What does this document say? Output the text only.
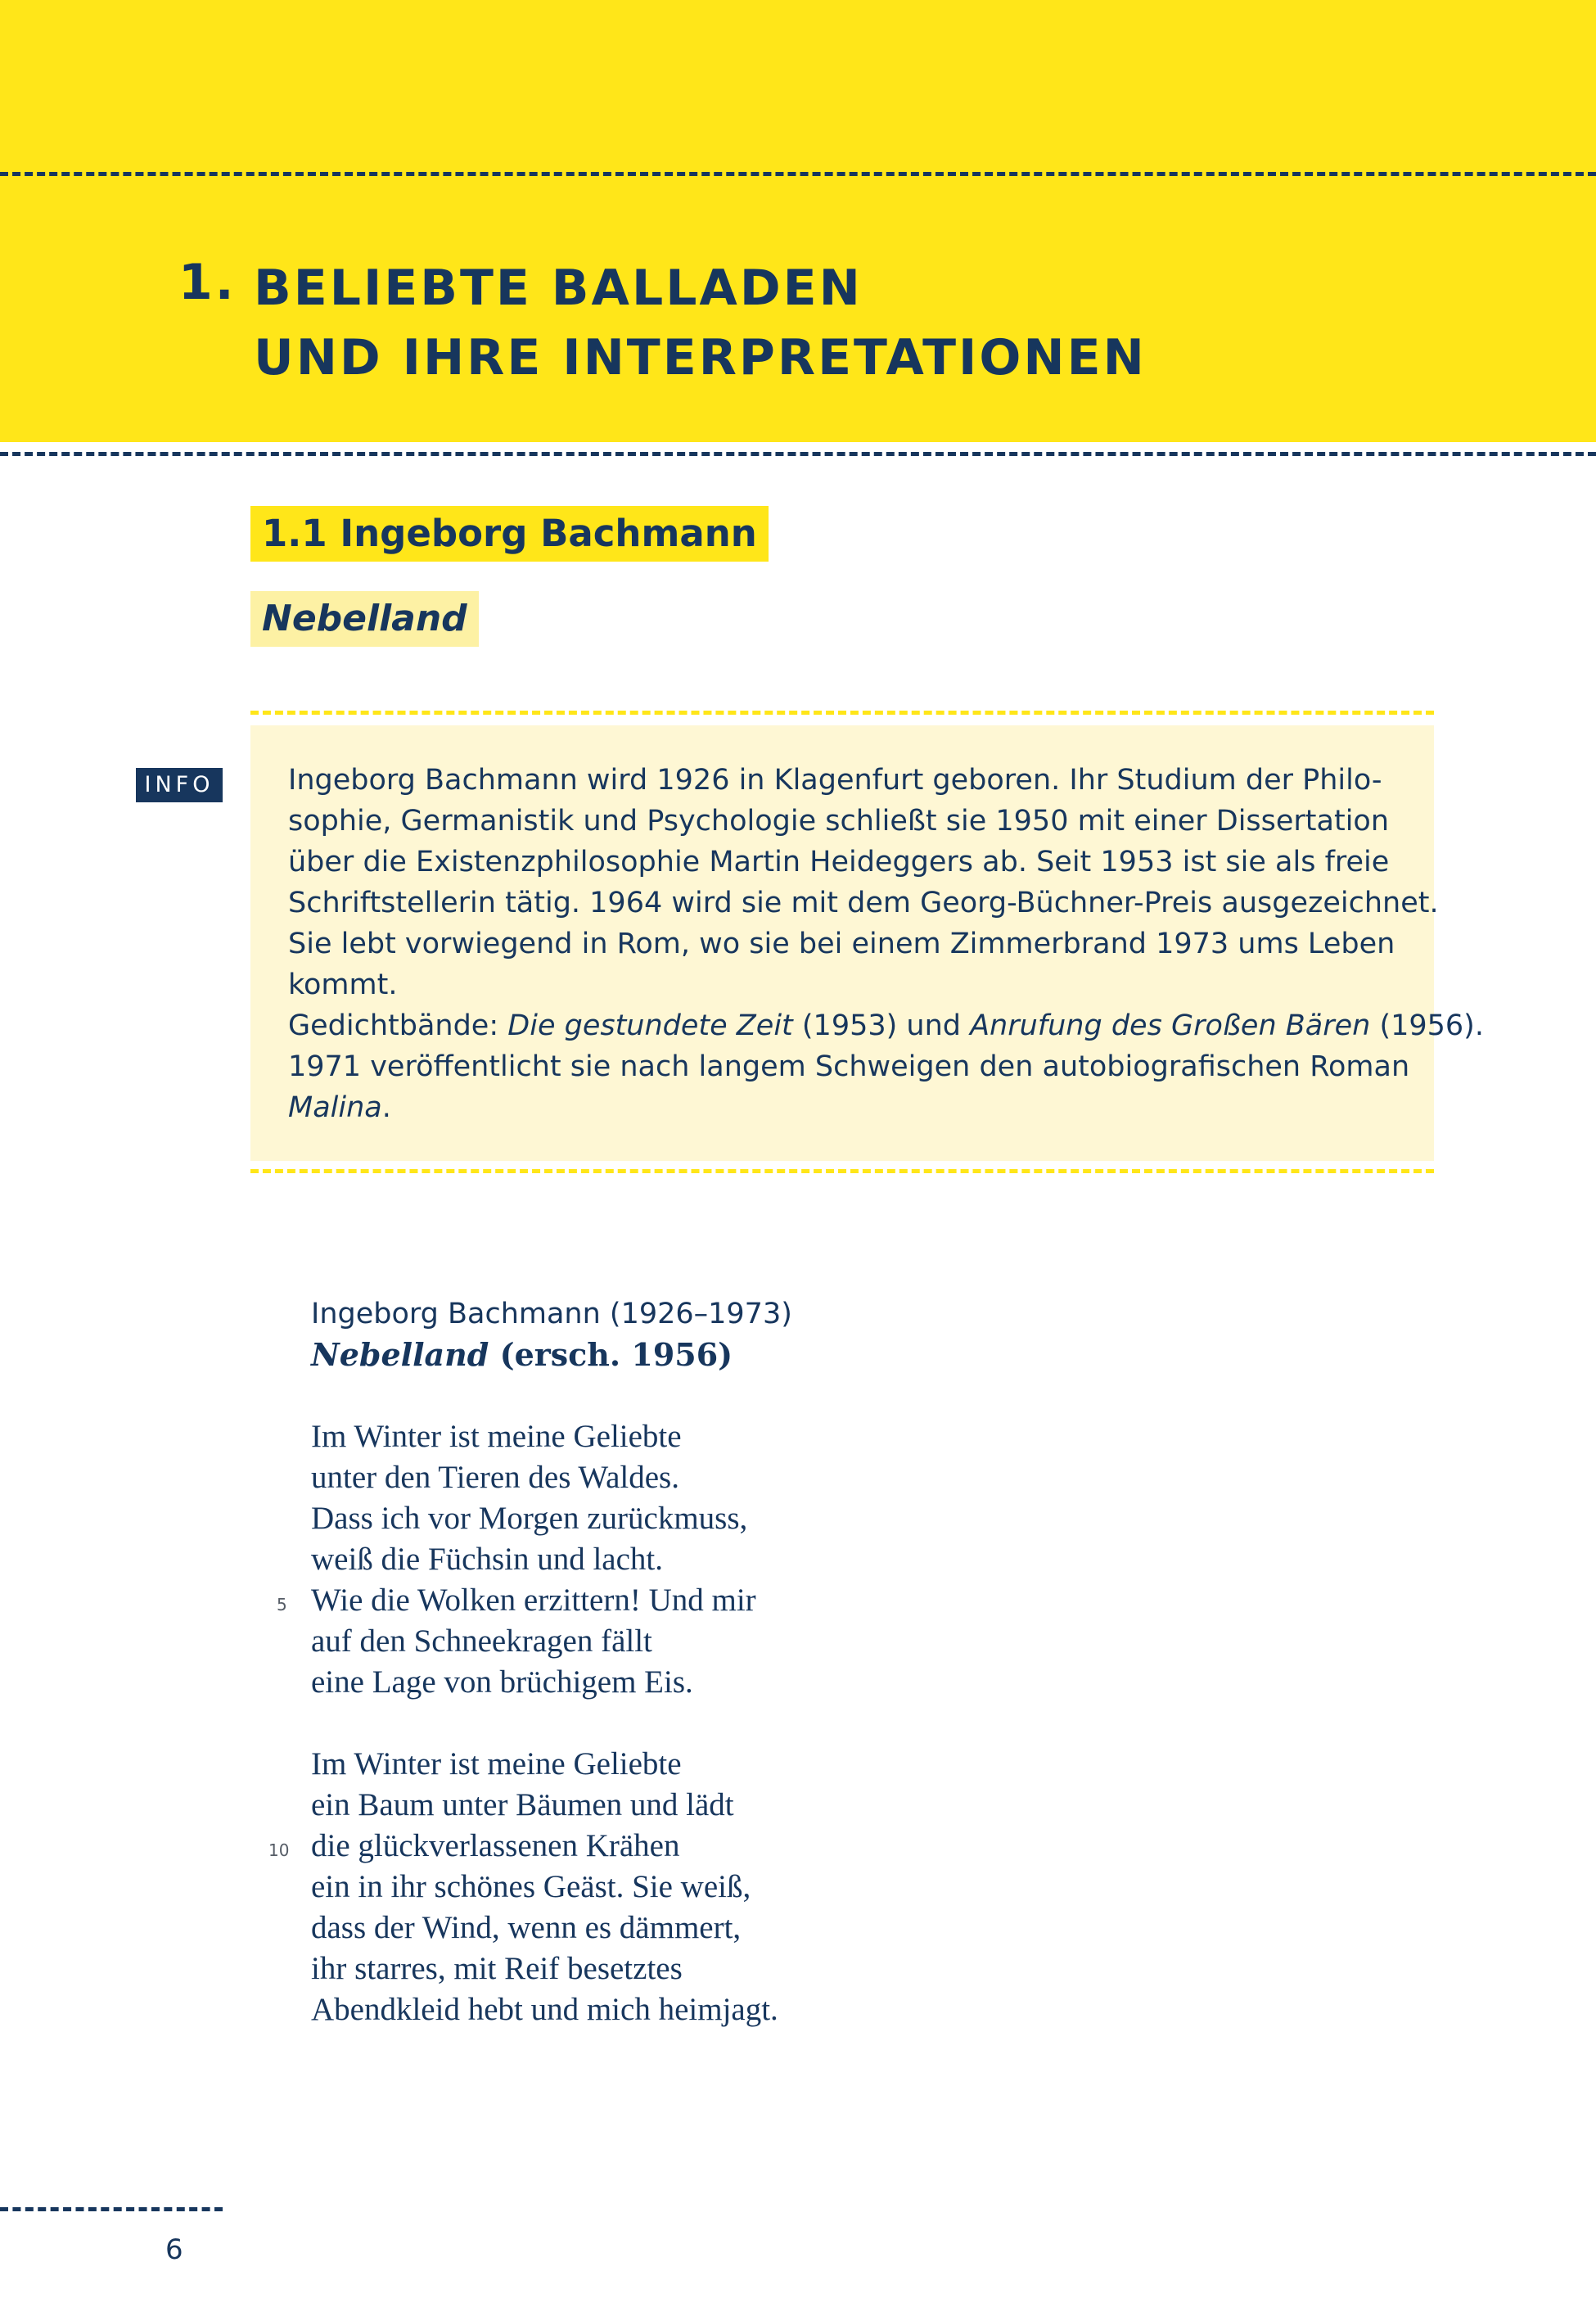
1. BELIEBTE BALLADEN
UND IHRE INTERPRETATIONEN
1.1 Ingeborg Bachmann
Nebelland
INFO	Ingeborg Bachmann wird 1926 in Klagenfurt geboren. Ihr Studium der Philo-

sophie, Germanistik und Psychologie schließt sie 1950 mit einer Dissertation

über die Existenzphilosophie Martin Heideggers ab. Seit 1953 ist sie als freie

Schriftstellerin tätig. 1964 wird sie mit dem Georg-Büchner-Preis ausgezeichnet.

Sie lebt vorwiegend in Rom, wo sie bei einem Zimmerbrand 1973 ums Leben

kommt.

Gedichtbände: Die gestundete Zeit (1953) und Anrufung des Großen Bären (1956).

1971 veröffentlicht sie nach langem Schweigen den autobiografischen Roman

Malina.

Ingeborg Bachmann (1926–1973)
Nebelland (ersch. 1956)
Im Winter ist meine Geliebte
unter den Tieren des Waldes.
Dass ich vor Morgen zurückmuss,
weiß die Füchsin und lacht.
Wie die Wolken erzittern! Und mir
auf den Schneekragen fällt
eine Lage von brüchigem Eis.
Im Winter ist meine Geliebte
ein Baum unter Bäumen und lädt
die glückverlassenen Krähen
ein in ihr schönes Geäst. Sie weiß,
dass der Wind, wenn es dämmert,
ihr starres, mit Reif besetztes
Abendkleid hebt und mich heimjagt.
5
10
6
